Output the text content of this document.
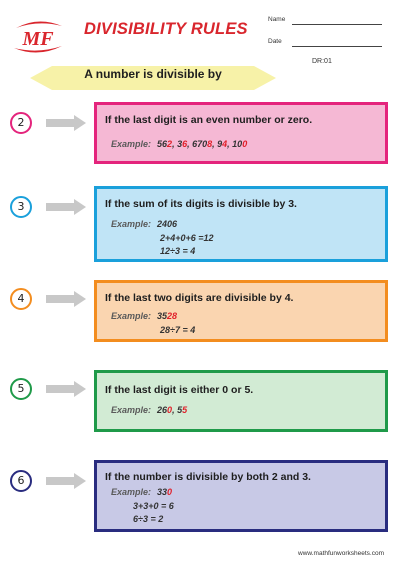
MF DIVISIBILITY RULES
Name
Date
DR:01
A number is divisible by
2	If the last digit is an even number or zero.
Example: 562, 36, 6708, 94, 100
3	If the sum of its digits is divisible by 3.
Example: 2406
2+4+0+6 =12
12÷3 = 4
4	If the last two digits are divisible by 4.
Example: 3528
28÷7 = 4
5	If the last digit is either 0 or 5.
Example: 260, 55
6	If the number is divisible by both 2 and 3.
Example: 330
3+3+0 = 6
6÷3 = 2
www.mathfunworksheets.com
